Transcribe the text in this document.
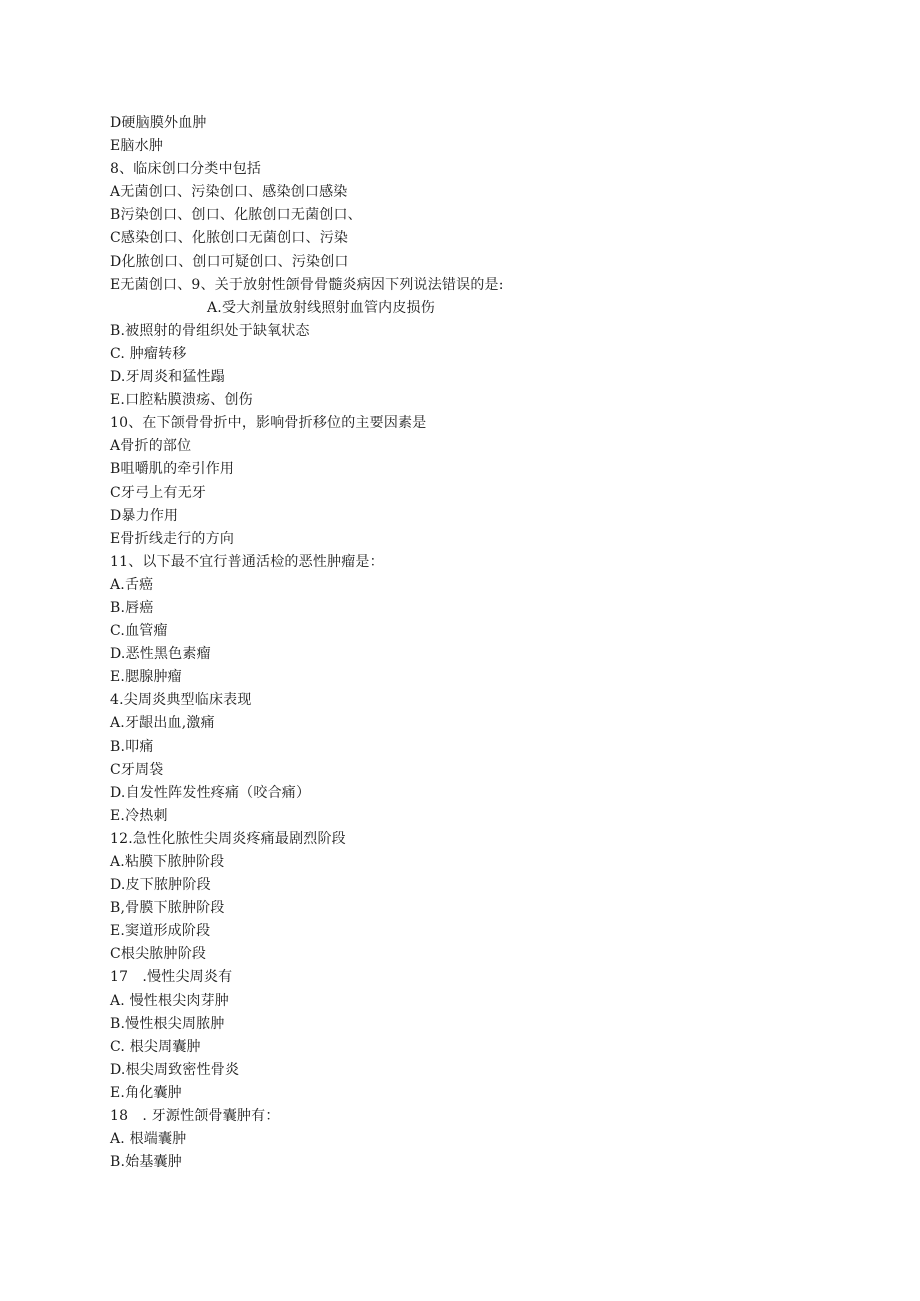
D硬脑膜外血肿
E脑水肿
8、临床创口分类中包括
A无菌创口、污染创口、感染创口感染
B污染创口、创口、化脓创口无菌创口、
C感染创口、化脓创口无菌创口、污染
D化脓创口、创口可疑创口、污染创口
E无菌创口、9、关于放射性颌骨骨髓炎病因下列说法错误的是:
A.受大剂量放射线照射血管内皮损伤
B.被照射的骨组织处于缺氧状态
C. 肿瘤转移
D.牙周炎和猛性蹋
E.口腔粘膜溃疡、创伤
10、在下颌骨骨折中，影响骨折移位的主要因素是
A骨折的部位
B咀嚼肌的牵引作用
C牙弓上有无牙
D暴力作用
E骨折线走行的方向
11、以下最不宜行普通活检的恶性肿瘤是：
A.舌癌
B.唇癌
C.血管瘤
D.恶性黑色素瘤
E.腮腺肿瘤
4.尖周炎典型临床表现
A.牙龈出血,激痛
B.叩痛
C牙周袋
D.自发性阵发性疼痛（咬合痛）
E.冷热刺
12.急性化脓性尖周炎疼痛最剧烈阶段
A.粘膜下脓肿阶段
D.皮下脓肿阶段
B,骨膜下脓肿阶段
E.窦道形成阶段
C根尖脓肿阶段
17　.慢性尖周炎有
A. 慢性根尖肉芽肿
B.慢性根尖周脓肿
C. 根尖周囊肿
D.根尖周致密性骨炎
E.角化囊肿
18　. 牙源性颌骨囊肿有：
A. 根端囊肿
B.始基囊肿
